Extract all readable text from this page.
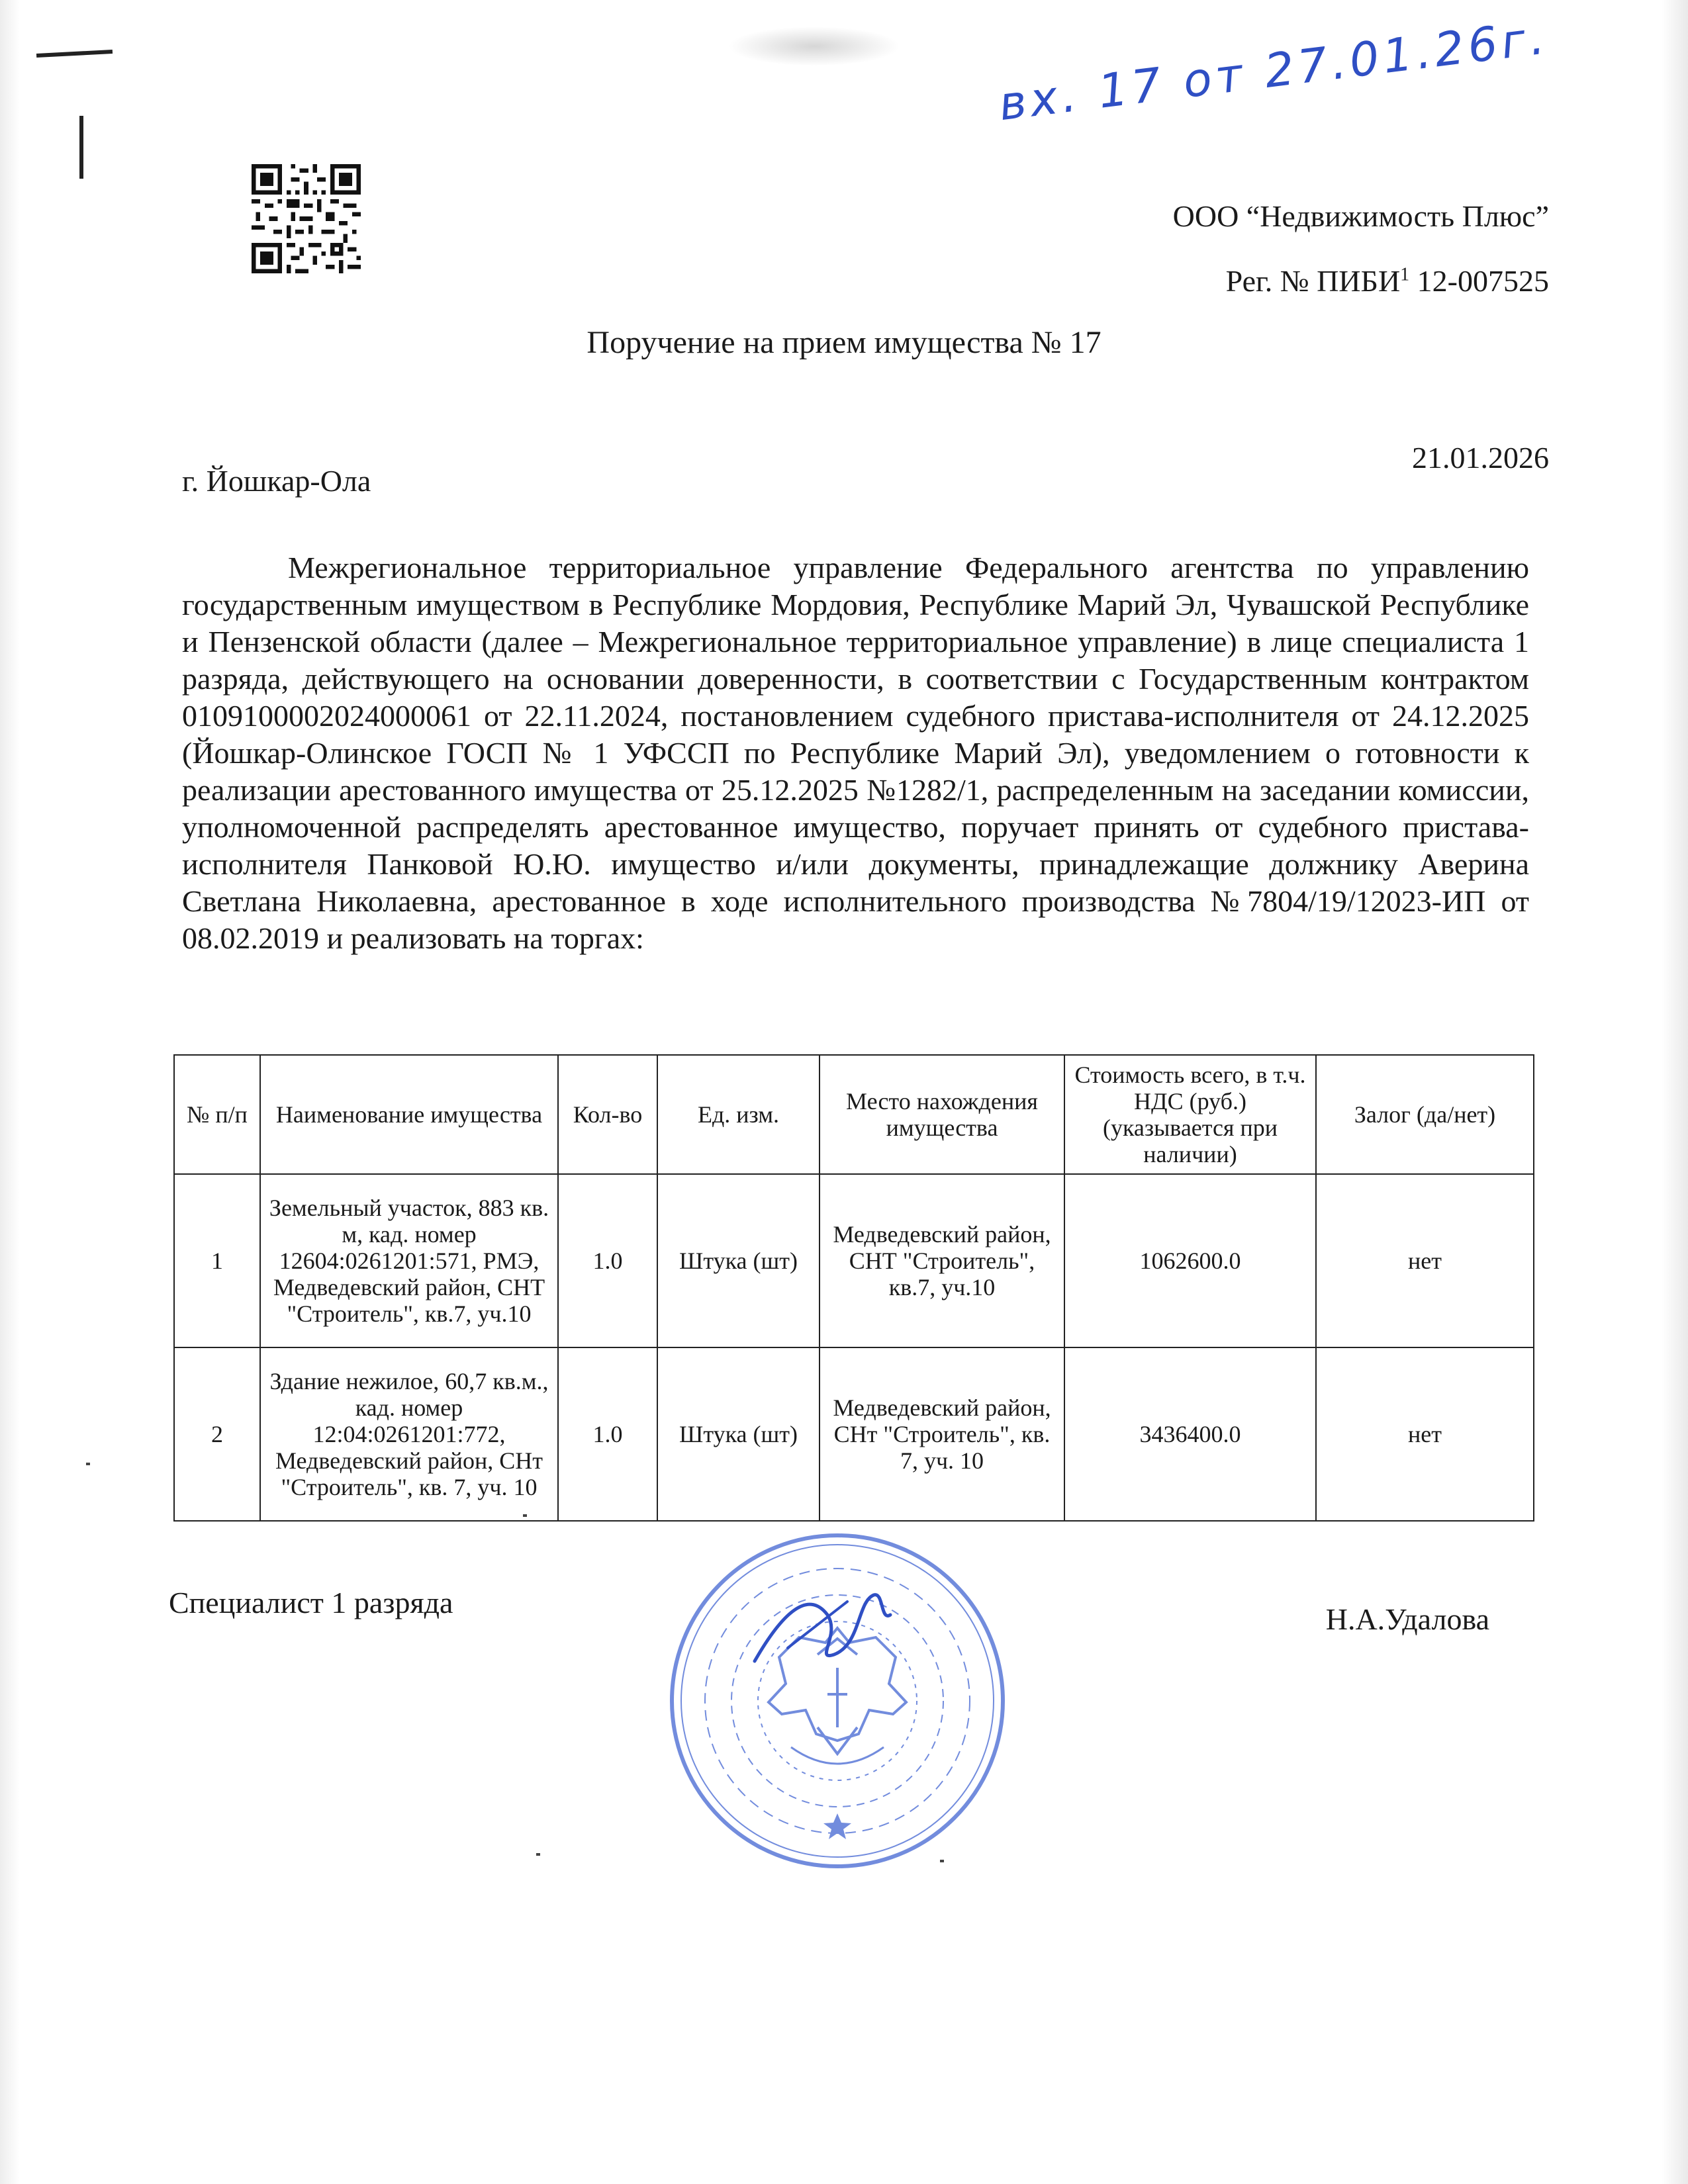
вх. 17 от 27.01.26г.
ООО “Недвижимость Плюс”
Рег. № ПИБИ$^1$ 12-007525
Поручение на прием имущества № 17
21.01.2026
г. Йошкар-Ола
Межрегиональное территориальное управление Федерального агентства по управлению государственным имуществом в Республике Мордовия, Республике Марий Эл, Чувашской Республике и Пензенской области (далее – Межрегиональное территориальное управление) в лице специалиста 1 разряда, действующего на основании доверенности, в соответствии с Государственным контрактом 0109100002024000061 от 22.11.2024, постановлением судебного пристава-исполнителя от 24.12.2025 (Йошкар-Олинское ГОСП № 1 УФССП по Республике Марий Эл), уведомлением о готовности к реализации арестованного имущества от 25.12.2025 №1282/1, распределенным на заседании комиссии, уполномоченной распределять арестованное имущество, поручает принять от судебного пристава-исполнителя Панковой Ю.Ю. имущество и/или документы, принадлежащие должнику Аверина Светлана Николаевна, арестованное в ходе исполнительного производства №7804/19/12023-ИП от 08.02.2019 и реализовать на торгах:
№ п/п	Наименование имущества	Кол-во	Ед. изм.	Место нахождения имущества	Стоимость всего, в т.ч. НДС (руб.) (указывается при наличии)	Залог (да/нет)
1	Земельный участок, 883 кв. м, кад. номер 12604:0261201:571, РМЭ, Медведевский район, СНТ "Строитель", кв.7, уч.10	1.0	Штука (шт)	Медведевский район, СНТ "Строитель", кв.7, уч.10	1062600.0	нет
2	Здание нежилое, 60,7 кв.м., кад. номер 12:04:0261201:772, Медведевский район, СНт "Строитель", кв. 7, уч. 10	1.0	Штука (шт)	Медведевский район, СНт "Строитель", кв. 7, уч. 10	3436400.0	нет
Специалист 1 разряда	Н.А.Удалова
